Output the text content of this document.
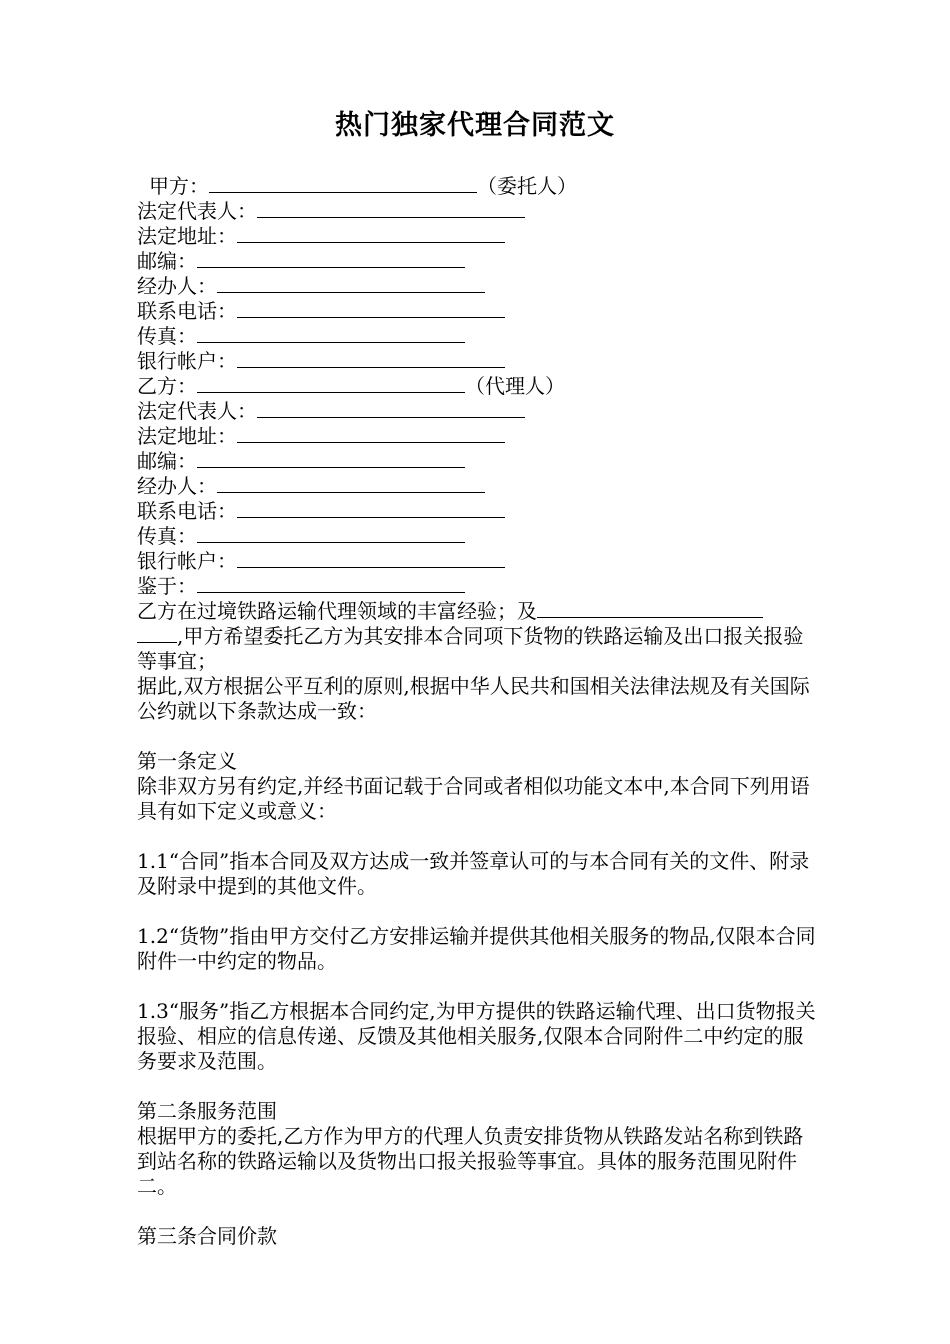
热门独家代理合同范文
甲方：	（委托人）
法定代表人：
法定地址：
邮编：
经办人：
联系电话：
传真：
银行帐户：
乙方：	（代理人）
法定代表人：
法定地址：
邮编：
经办人：
联系电话：
传真：
银行帐户：
鉴于：
乙方在过境铁路运输代理领域的丰富经验；及
,甲方希望委托乙方为其安排本合同项下货物的铁路运输及出口报关报验等事宜；
据此,双方根据公平互利的原则,根据中华人民共和国相关法律法规及有关国际公约就以下条款达成一致：
第一条定义
除非双方另有约定,并经书面记载于合同或者相似功能文本中,本合同下列用语具有如下定义或意义：
1.1“合同”指本合同及双方达成一致并签章认可的与本合同有关的文件、附录及附录中提到的其他文件。
1.2“货物”指由甲方交付乙方安排运输并提供其他相关服务的物品,仅限本合同附件一中约定的物品。
1.3“服务”指乙方根据本合同约定,为甲方提供的铁路运输代理、出口货物报关报验、相应的信息传递、反馈及其他相关服务,仅限本合同附件二中约定的服务要求及范围。
第二条服务范围
根据甲方的委托,乙方作为甲方的代理人负责安排货物从铁路发站名称到铁路到站名称的铁路运输以及货物出口报关报验等事宜。具体的服务范围见附件二。
第三条合同价款
